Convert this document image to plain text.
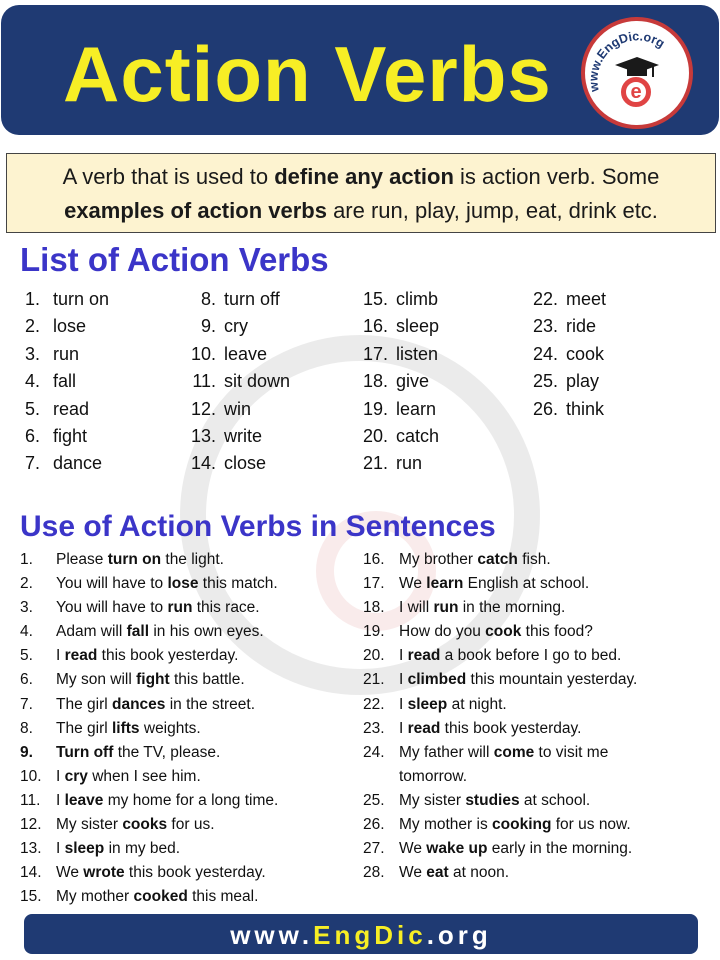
Action Verbs	www.EngDic.org
e
A verb that is used to define any action is action verb. Some
examples of action verbs are run, play, jump, eat, drink etc.
List of Action Verbs
1. turn on
2. lose
3. run
4. fall
5. read
6. fight
7. dance
8. turn off
9. cry
10. leave
11. sit down
12. win
13. write
14. close
15. climb
16. sleep
17. listen
18. give
19. learn
20. catch
21. run
22. meet
23. ride
24. cook
25. play
26. think
Use of Action Verbs in Sentences
1. Please turn on the light.
2. You will have to lose this match.
3. You will have to run this race.
4. Adam will fall in his own eyes.
5. I read this book yesterday.
6. My son will fight this battle.
7. The girl dances in the street.
8. The girl lifts weights.
9. Turn off the TV, please.
10. I cry when I see him.
11. I leave my home for a long time.
12. My sister cooks for us.
13. I sleep in my bed.
14. We wrote this book yesterday.
15. My mother cooked this meal.
16. My brother catch fish.
17. We learn English at school.
18. I will run in the morning.
19. How do you cook this food?
20. I read a book before I go to bed.
21. I climbed this mountain yesterday.
22. I sleep at night.
23. I read this book yesterday.
24. My father will come to visit me
tomorrow.
25. My sister studies at school.
26. My mother is cooking for us now.
27. We wake up early in the morning.
28. We eat at noon.
www.EngDic.org
